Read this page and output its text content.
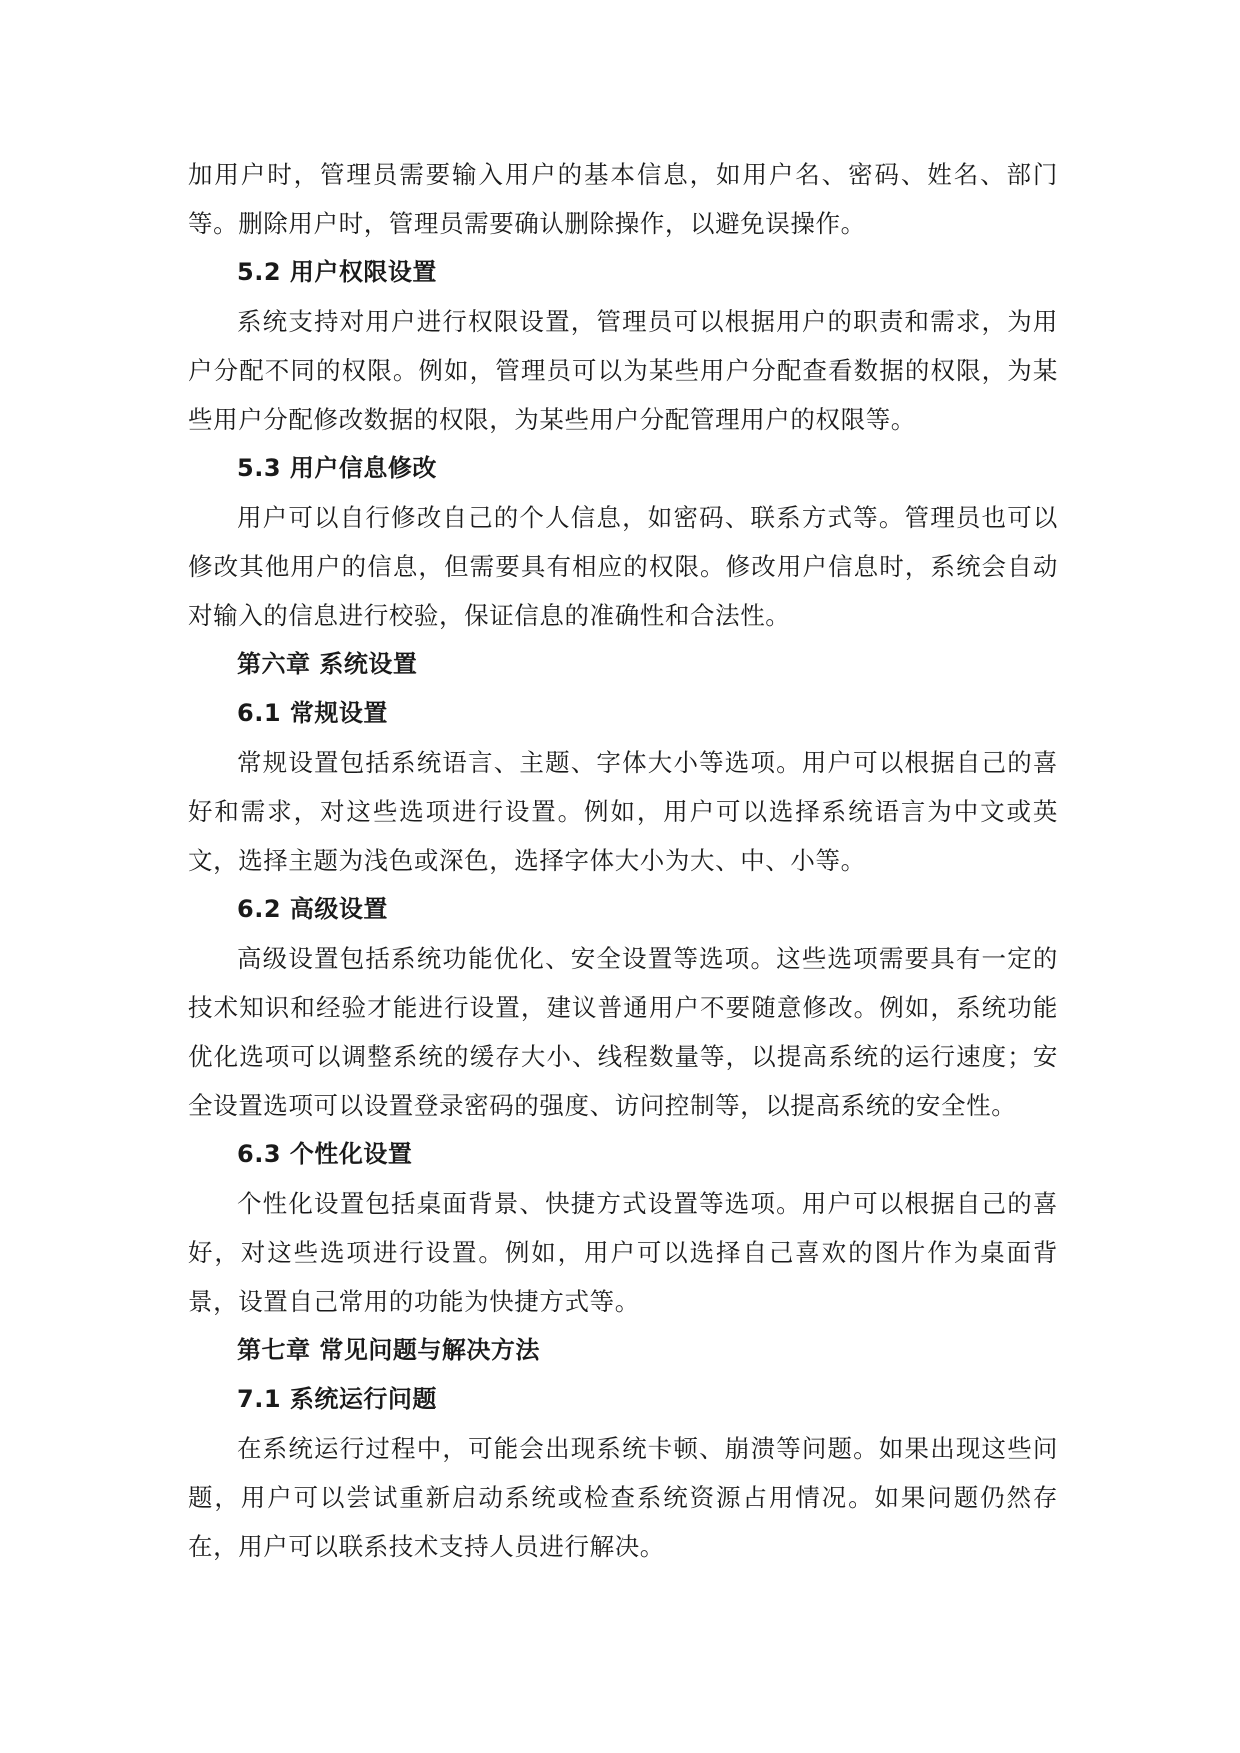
加用户时，管理员需要输入用户的基本信息，如用户名、密码、姓名、部门等。删除用户时，管理员需要确认删除操作，以避免误操作。

5.2 用户权限设置

系统支持对用户进行权限设置，管理员可以根据用户的职责和需求，为用户分配不同的权限。例如，管理员可以为某些用户分配查看数据的权限，为某些用户分配修改数据的权限，为某些用户分配管理用户的权限等。

5.3 用户信息修改

用户可以自行修改自己的个人信息，如密码、联系方式等。管理员也可以修改其他用户的信息，但需要具有相应的权限。修改用户信息时，系统会自动对输入的信息进行校验，保证信息的准确性和合法性。

第六章 系统设置
6.1 常规设置

常规设置包括系统语言、主题、字体大小等选项。用户可以根据自己的喜好和需求，对这些选项进行设置。例如，用户可以选择系统语言为中文或英文，选择主题为浅色或深色，选择字体大小为大、中、小等。

6.2 高级设置

高级设置包括系统功能优化、安全设置等选项。这些选项需要具有一定的技术知识和经验才能进行设置，建议普通用户不要随意修改。例如，系统功能优化选项可以调整系统的缓存大小、线程数量等，以提高系统的运行速度；安全设置选项可以设置登录密码的强度、访问控制等，以提高系统的安全性。

6.3 个性化设置

个性化设置包括桌面背景、快捷方式设置等选项。用户可以根据自己的喜好，对这些选项进行设置。例如，用户可以选择自己喜欢的图片作为桌面背景，设置自己常用的功能为快捷方式等。

第七章 常见问题与解决方法
7.1 系统运行问题

在系统运行过程中，可能会出现系统卡顿、崩溃等问题。如果出现这些问题，用户可以尝试重新启动系统或检查系统资源占用情况。如果问题仍然存在，用户可以联系技术支持人员进行解决。
